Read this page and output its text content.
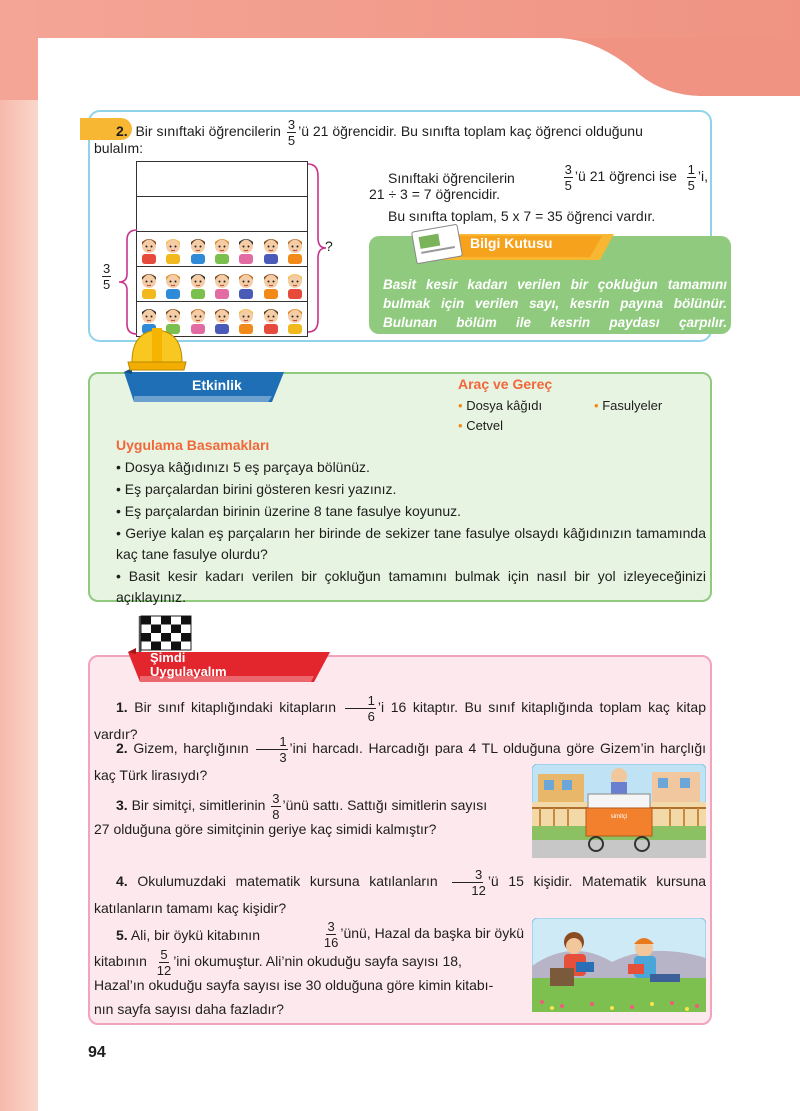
2. Bir sınıftaki öğrencilerin $\frac{3}{5}$ ’ü 21 öğrencidir. Bu sınıfta toplam kaç öğrenci olduğunu
bulalım:
$\frac{3}{5}$
?
Sınıftaki öğrencilerin	$\frac{3}{5}$ ’ü 21 öğrenci ise $\frac{1}{5}$ ’i,
21 ÷ 3 = 7 öğrencidir.
Bu sınıfta toplam, 5 x 7 = 35 öğrenci vardır.
Bilgi Kutusu
Basit kesir kadarı verilen bir çokluğun tamamını bulmak için verilen sayı, kesrin payına bölünür. Bulunan bölüm ile kesrin paydası çarpılır.
Etkinlik	Araç ve Gereç
• Dosya kâğıdı	• Fasulyeler
• Cetvel
Uygulama Basamakları
• Dosya kâğıdınızı 5 eş parçaya bölünüz.
• Eş parçalardan birini gösteren kesri yazınız.
• Eş parçalardan birinin üzerine 8 tane fasulye koyunuz.
• Geriye kalan eş parçaların her birinde de sekizer tane fasulye olsaydı kâğıdınızın tamamında kaç tane fasulye olurdu?
• Basit kesir kadarı verilen bir çokluğun tamamını bulmak için nasıl bir yol izleyeceğinizi açıklayınız.
Şimdi
Uygulayalım
1. Bir sınıf kitaplığındaki kitapların $\frac{1}{6}$ ’i 16 kitaptır. Bu sınıf kitaplığında toplam kaç kitap vardır?
2. Gizem, harçlığının $\frac{1}{3}$ ’ini harcadı. Harcadığı para 4 TL olduğuna göre Gizem’in harçlığı kaç Türk lirasıydı?
3. Bir simitçi, simitlerinin $\frac{3}{8}$ ’ünü sattı. Sattığı simitlerin sayısı
27 olduğuna göre simitçinin geriye kaç simidi kalmıştır?
simitçi
4. Okulumuzdaki matematik kursuna katılanların $\frac{3}{12}$ ’ü 15 kişidir. Matematik kursuna katılanların tamamı kaç kişidir?
5. Ali, bir öykü kitabının	$\frac{3}{16}$ ’ünü, Hazal da başka bir öykü
kitabının $\frac{5}{12}$ ’ini okumuştur. Ali’nin okuduğu sayfa sayısı 18,
Hazal’ın okuduğu sayfa sayısı ise 30 olduğuna göre kimin kitabı-
nın sayfa sayısı daha fazladır?
94
